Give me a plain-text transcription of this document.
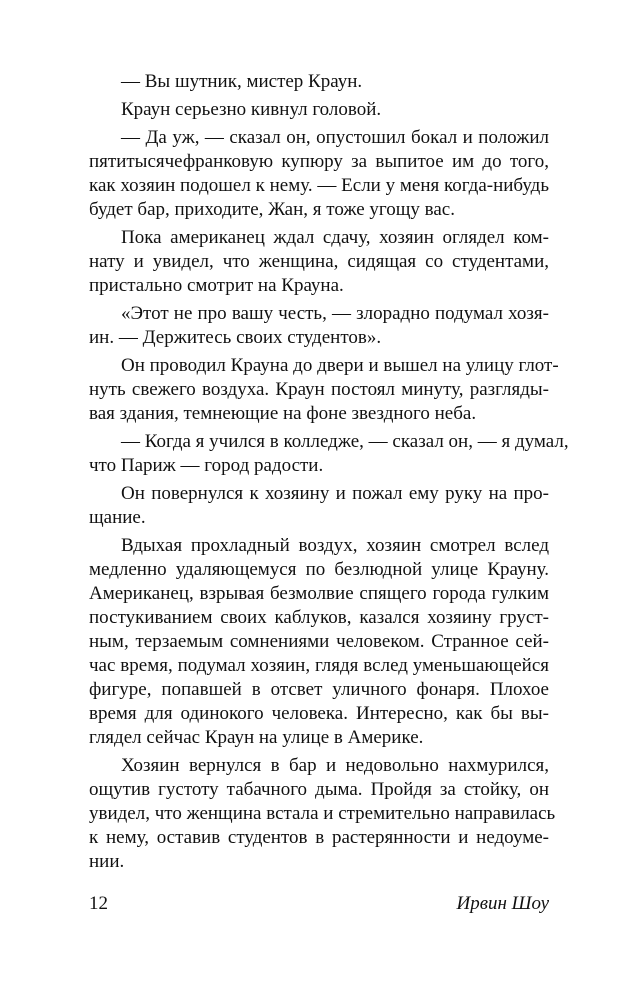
— Вы шутник, мистер Краун.
Краун серьезно кивнул головой.
— Да уж, — сказал он, опустошил бокал и положил
пятитысячефранковую купюру за выпитое им до того,
как хозяин подошел к нему. — Если у меня когда-нибудь
будет бар, приходите, Жан, я тоже угощу вас.
Пока американец ждал сдачу, хозяин оглядел ком-
нату и увидел, что женщина, сидящая со студентами,
пристально смотрит на Крауна.
«Этот не про вашу честь, — злорадно подумал хозя-
ин. — Держитесь своих студентов».
Он проводил Крауна до двери и вышел на улицу глот-
нуть свежего воздуха. Краун постоял минуту, разгляды-
вая здания, темнеющие на фоне звездного неба.
— Когда я учился в колледже, — сказал он, — я думал,
что Париж — город радости.
Он повернулся к хозяину и пожал ему руку на про-
щание.
Вдыхая прохладный воздух, хозяин смотрел вслед
медленно удаляющемуся по безлюдной улице Крауну.
Американец, взрывая безмолвие спящего города гулким
постукиванием своих каблуков, казался хозяину груст-
ным, терзаемым сомнениями человеком. Странное сей-
час время, подумал хозяин, глядя вслед уменьшающейся
фигуре, попавшей в отсвет уличного фонаря. Плохое
время для одинокого человека. Интересно, как бы вы-
глядел сейчас Краун на улице в Америке.
Хозяин вернулся в бар и недовольно нахмурился,
ощутив густоту табачного дыма. Пройдя за стойку, он
увидел, что женщина встала и стремительно направилась
к нему, оставив студентов в растерянности и недоуме-
нии.
12	Ирвин Шоу
